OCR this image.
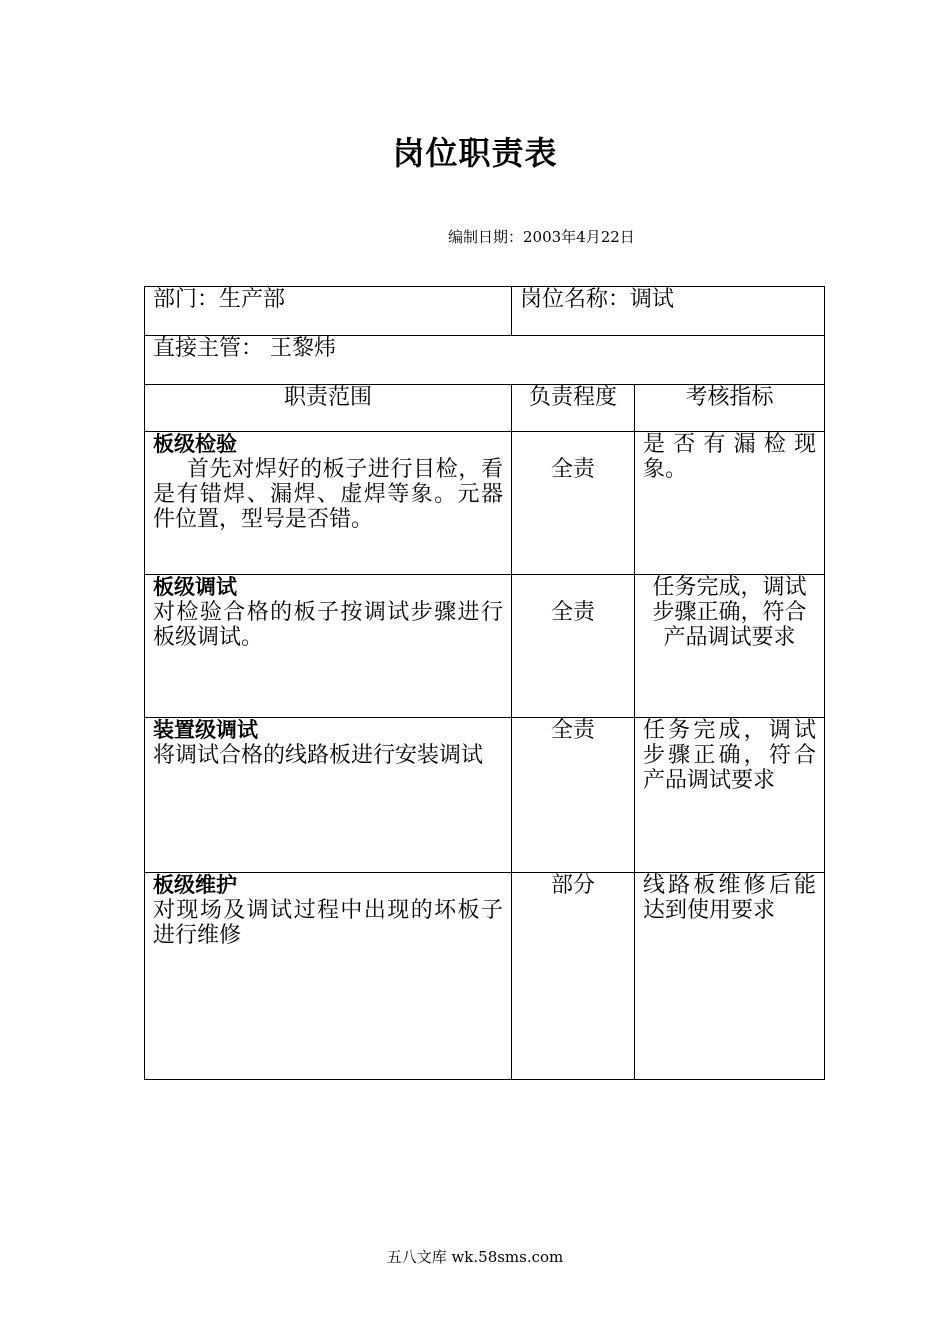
岗位职责表
编制日期：2003年4月22日
部门：生产部	岗位名称：调试	
直接主管： 王黎炜		
职责范围	负责程度	考核指标

板级检验
首先对焊好的板子进行目检，看是有错焊、漏焊、虚焊等象。元器件位置，型号是否错。	全责	是否有漏检现象。

板级调试
对检验合格的板子按调试步骤进行板级调试。	全责	任务完成，调试步骤正确，符合产品调试要求

装置级调试
将调试合格的线路板进行安装调试	全责	任务完成，调试步骤正确，符合产品调试要求

板级维护
对现场及调试过程中出现的坏板子进行维修	部分	线路板维修后能达到使用要求
五八文库 wk.58sms.com
